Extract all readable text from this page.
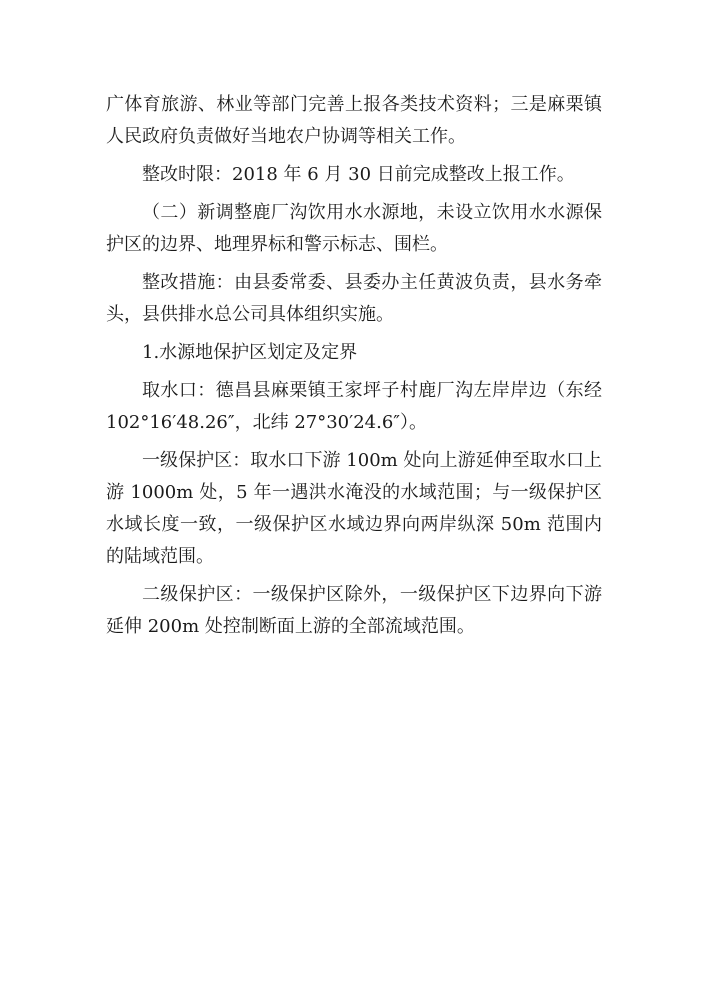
广体育旅游、林业等部门完善上报各类技术资料；三是麻栗镇人民政府负责做好当地农户协调等相关工作。

整改时限：2018 年 6 月 30 日前完成整改上报工作。

（二）新调整鹿厂沟饮用水水源地，未设立饮用水水源保护区的边界、地理界标和警示标志、围栏。

整改措施：由县委常委、县委办主任黄波负责，县水务牵头，县供排水总公司具体组织实施。

1.水源地保护区划定及定界

取水口：德昌县麻栗镇王家坪子村鹿厂沟左岸岸边（东经 102°16′48.26″，北纬 27°30′24.6″）。

一级保护区：取水口下游 100m 处向上游延伸至取水口上游 1000m 处，5 年一遇洪水淹没的水域范围；与一级保护区水域长度一致，一级保护区水域边界向两岸纵深 50m 范围内的陆域范围。

二级保护区：一级保护区除外，一级保护区下边界向下游延伸 200m 处控制断面上游的全部流域范围。
